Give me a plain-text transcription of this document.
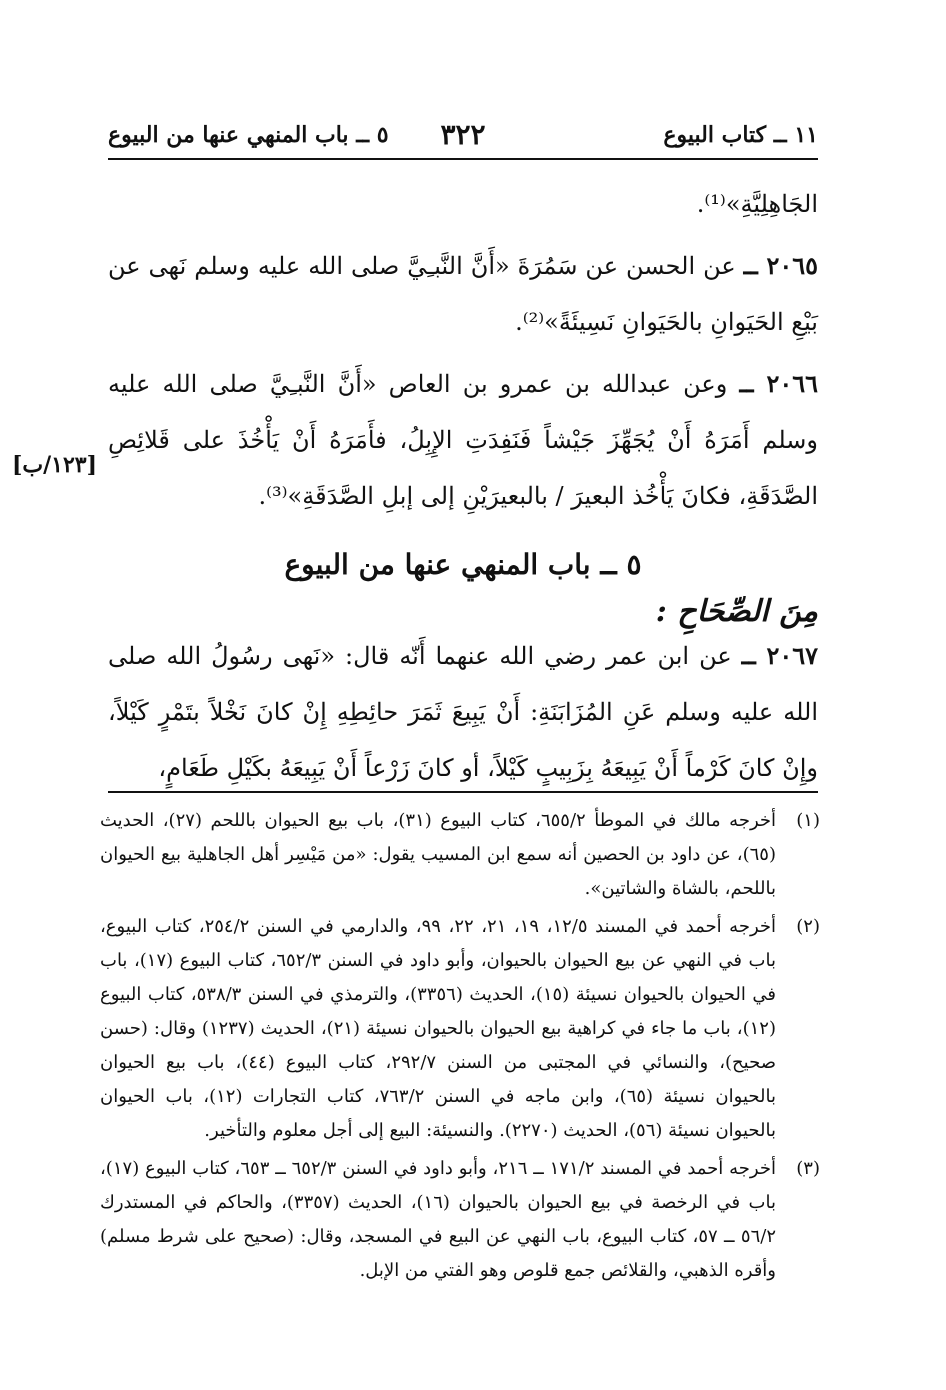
١١ ــ كتاب البيوع
٣٢٢
٥ ــ باب المنهي عنها من البيوع

الجَاهِلِيَّةِ»⁽¹⁾.

٢٠٦٥ ــ عن الحسن عن سَمُرَةَ «أَنَّ النَّبـِيَّ صلى الله عليه وسلم نَهى عن بَيْعِ الحَيَوانِ بالحَيَوانِ نَسِيئَةً»⁽²⁾.

٢٠٦٦ ــ وعن عبدالله بن عمرو بن العاص «أَنَّ النَّبـِيَّ صلى الله عليه وسلم أَمَرَهُ أَنْ يُجَهِّزَ جَيْشاً فَنَفِدَتِ الإِبِلُ، فأَمَرَهُ أَنْ يَأْخُذَ على قَلائِصِ الصَّدَقَةِ، فكانَ يَأْخُذ البعيرَ / بالبعيرَيْنِ إلى إبلِ الصَّدَقَةِ»⁽³⁾.

[١٢٣/ب]
٥ ــ باب المنهي عنها من البيوع
مِنَ الصِّحَاحِ :

٢٠٦٧ ــ عن ابن عمر رضي الله عنهما أَنّه قال: «نَهى رسُولُ الله صلى الله عليه وسلم عَنِ المُزَابَنَةِ: أَنْ يَبِيعَ ثَمَرَ حائِطِهِ إِنْ كانَ نَخْلاً بتَمْرٍ كَيْلاً، وإِنْ كانَ كَرْماً أَنْ يَبِيعَهُ بِزَبِيبٍ كَيْلاً، أو كانَ زَرْعاً أَنْ يَبِيعَهُ بكَيْلِ طَعَامٍ،

(١)
أخرجه مالك في الموطأ ٦٥٥/٢، كتاب البيوع (٣١)، باب بيع الحيوان باللحم (٢٧)، الحديث (٦٥)، عن داود بن الحصين أنه سمع ابن المسيب يقول: «من مَيْسِر أهل الجاهلية بيع الحيوان باللحم، بالشاة والشاتين».
(٢)
أخرجه أحمد في المسند ١٢/٥، ١٩، ٢١، ٢٢، ٩٩، والدارمي في السنن ٢٥٤/٢، كتاب البيوع، باب في النهي عن بيع الحيوان بالحيوان، وأبو داود في السنن ٦٥٢/٣، كتاب البيوع (١٧)، باب في الحيوان بالحيوان نسيئة (١٥)، الحديث (٣٣٥٦)، والترمذي في السنن ٥٣٨/٣، كتاب البيوع (١٢)، باب ما جاء في كراهية بيع الحيوان بالحيوان نسيئة (٢١)، الحديث (١٢٣٧) وقال: (حسن صحيح)، والنسائي في المجتبى من السنن ٢٩٢/٧، كتاب البيوع (٤٤)، باب بيع الحيوان بالحيوان نسيئة (٦٥)، وابن ماجه في السنن ٧٦٣/٢، كتاب التجارات (١٢)، باب الحيوان بالحيوان نسيئة (٥٦)، الحديث (٢٢٧٠). والنسيئة: البيع إلى أجل معلوم والتأخير.
(٣)
أخرجه أحمد في المسند ١٧١/٢ ــ ٢١٦، وأبو داود في السنن ٦٥٢/٣ ــ ٦٥٣، كتاب البيوع (١٧)، باب في الرخصة في بيع الحيوان بالحيوان (١٦)، الحديث (٣٣٥٧)، والحاكم في المستدرك ٥٦/٢ ــ ٥٧، كتاب البيوع، باب النهي عن البيع في المسجد، وقال: (صحيح على شرط مسلم) وأقره الذهبي، والقلائص جمع قلوص وهو الفتي من الإبل.
